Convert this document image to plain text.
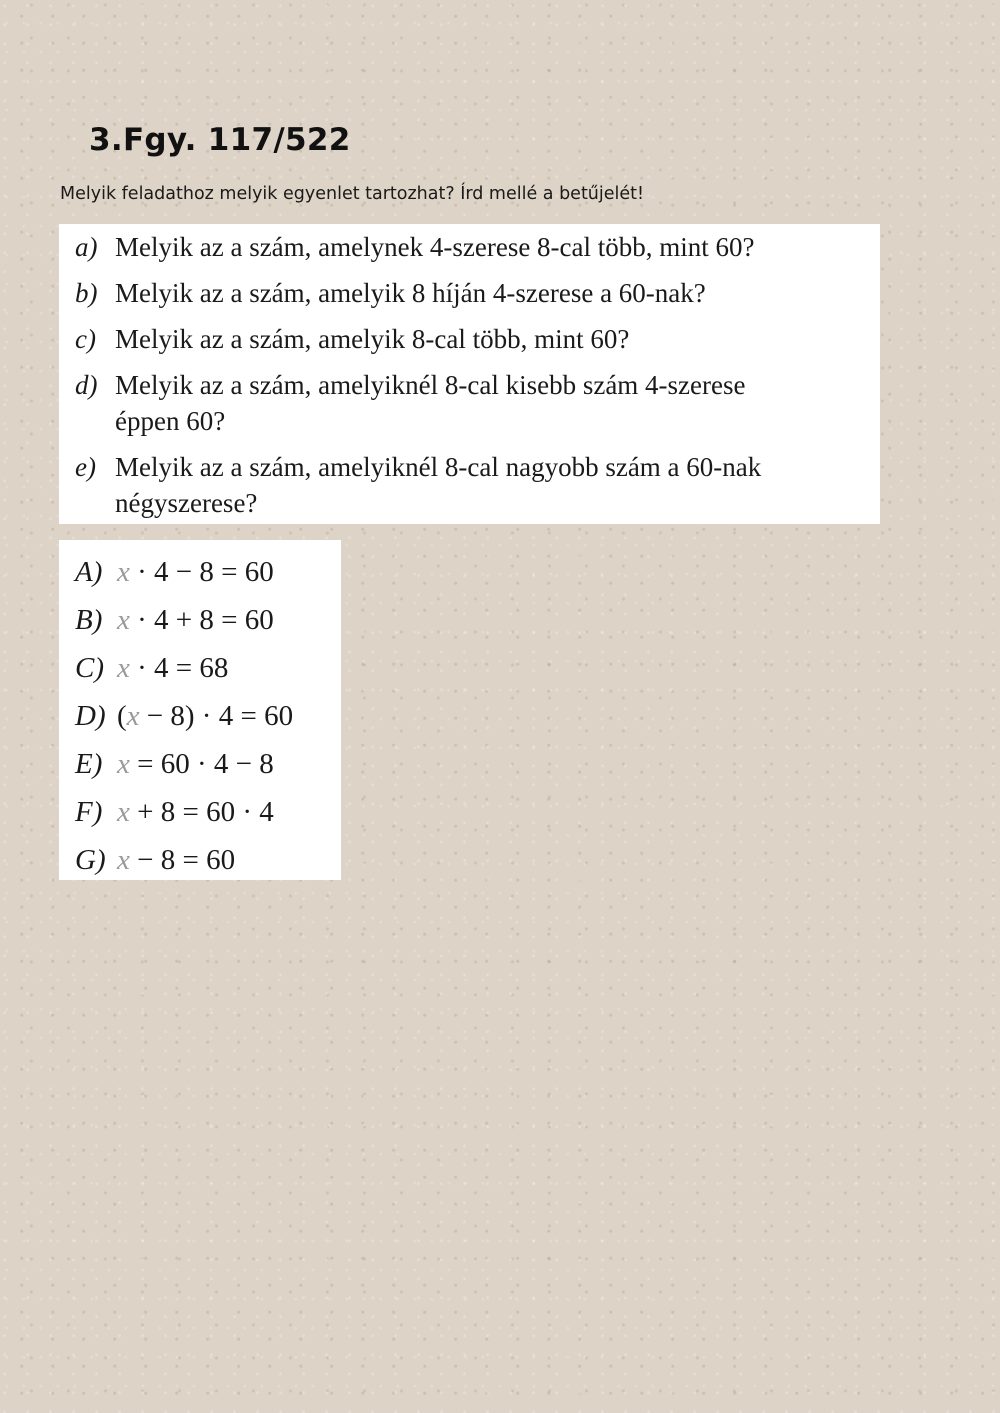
3.Fgy. 117/522
Melyik feladathoz melyik egyenlet tartozhat? Írd mellé a betűjelét!
a) Melyik az a szám, amelynek 4-szerese 8-cal több, mint 60?
b) Melyik az a szám, amelyik 8 híján 4-szerese a 60-nak?
c) Melyik az a szám, amelyik 8-cal több, mint 60?
d) Melyik az a szám, amelyiknél 8-cal kisebb szám 4-szerese
éppen 60?
e) Melyik az a szám, amelyiknél 8-cal nagyobb szám a 60-nak
négyszerese?
A) x · 4 − 8 = 60
B) x · 4 + 8 = 60
C) x · 4 = 68
D) (x − 8) · 4 = 60
E) x = 60 · 4 − 8
F) x + 8 = 60 · 4
G) x − 8 = 60
